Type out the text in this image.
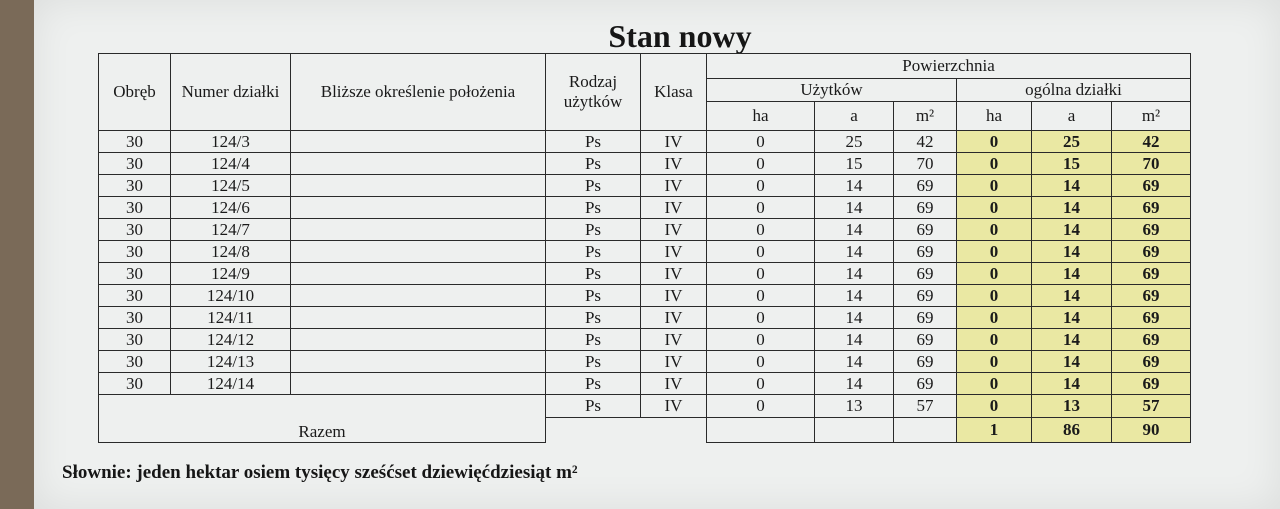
Stan nowy
Obręb	Numer działki	Bliższe określenie położenia	Rodzaj użytków	Klasa	Powierzchnia					
					Użytków			ogólna działki		
					ha	a	m²	ha	a	m²
30	124/3		Ps	IV	0	25	42	0	25	42
30	124/4		Ps	IV	0	15	70	0	15	70
30	124/5		Ps	IV	0	14	69	0	14	69
30	124/6		Ps	IV	0	14	69	0	14	69
30	124/7		Ps	IV	0	14	69	0	14	69
30	124/8		Ps	IV	0	14	69	0	14	69
30	124/9		Ps	IV	0	14	69	0	14	69
30	124/10		Ps	IV	0	14	69	0	14	69
30	124/11		Ps	IV	0	14	69	0	14	69
30	124/12		Ps	IV	0	14	69	0	14	69
30	124/13		Ps	IV	0	14	69	0	14	69
30	124/14		Ps	IV	0	14	69	0	14	69
Razem			Ps	IV	0	13	57	0	13	57
								1	86	90
Słownie: jeden hektar osiem tysięcy sześćset dziewięćdziesiąt m²
